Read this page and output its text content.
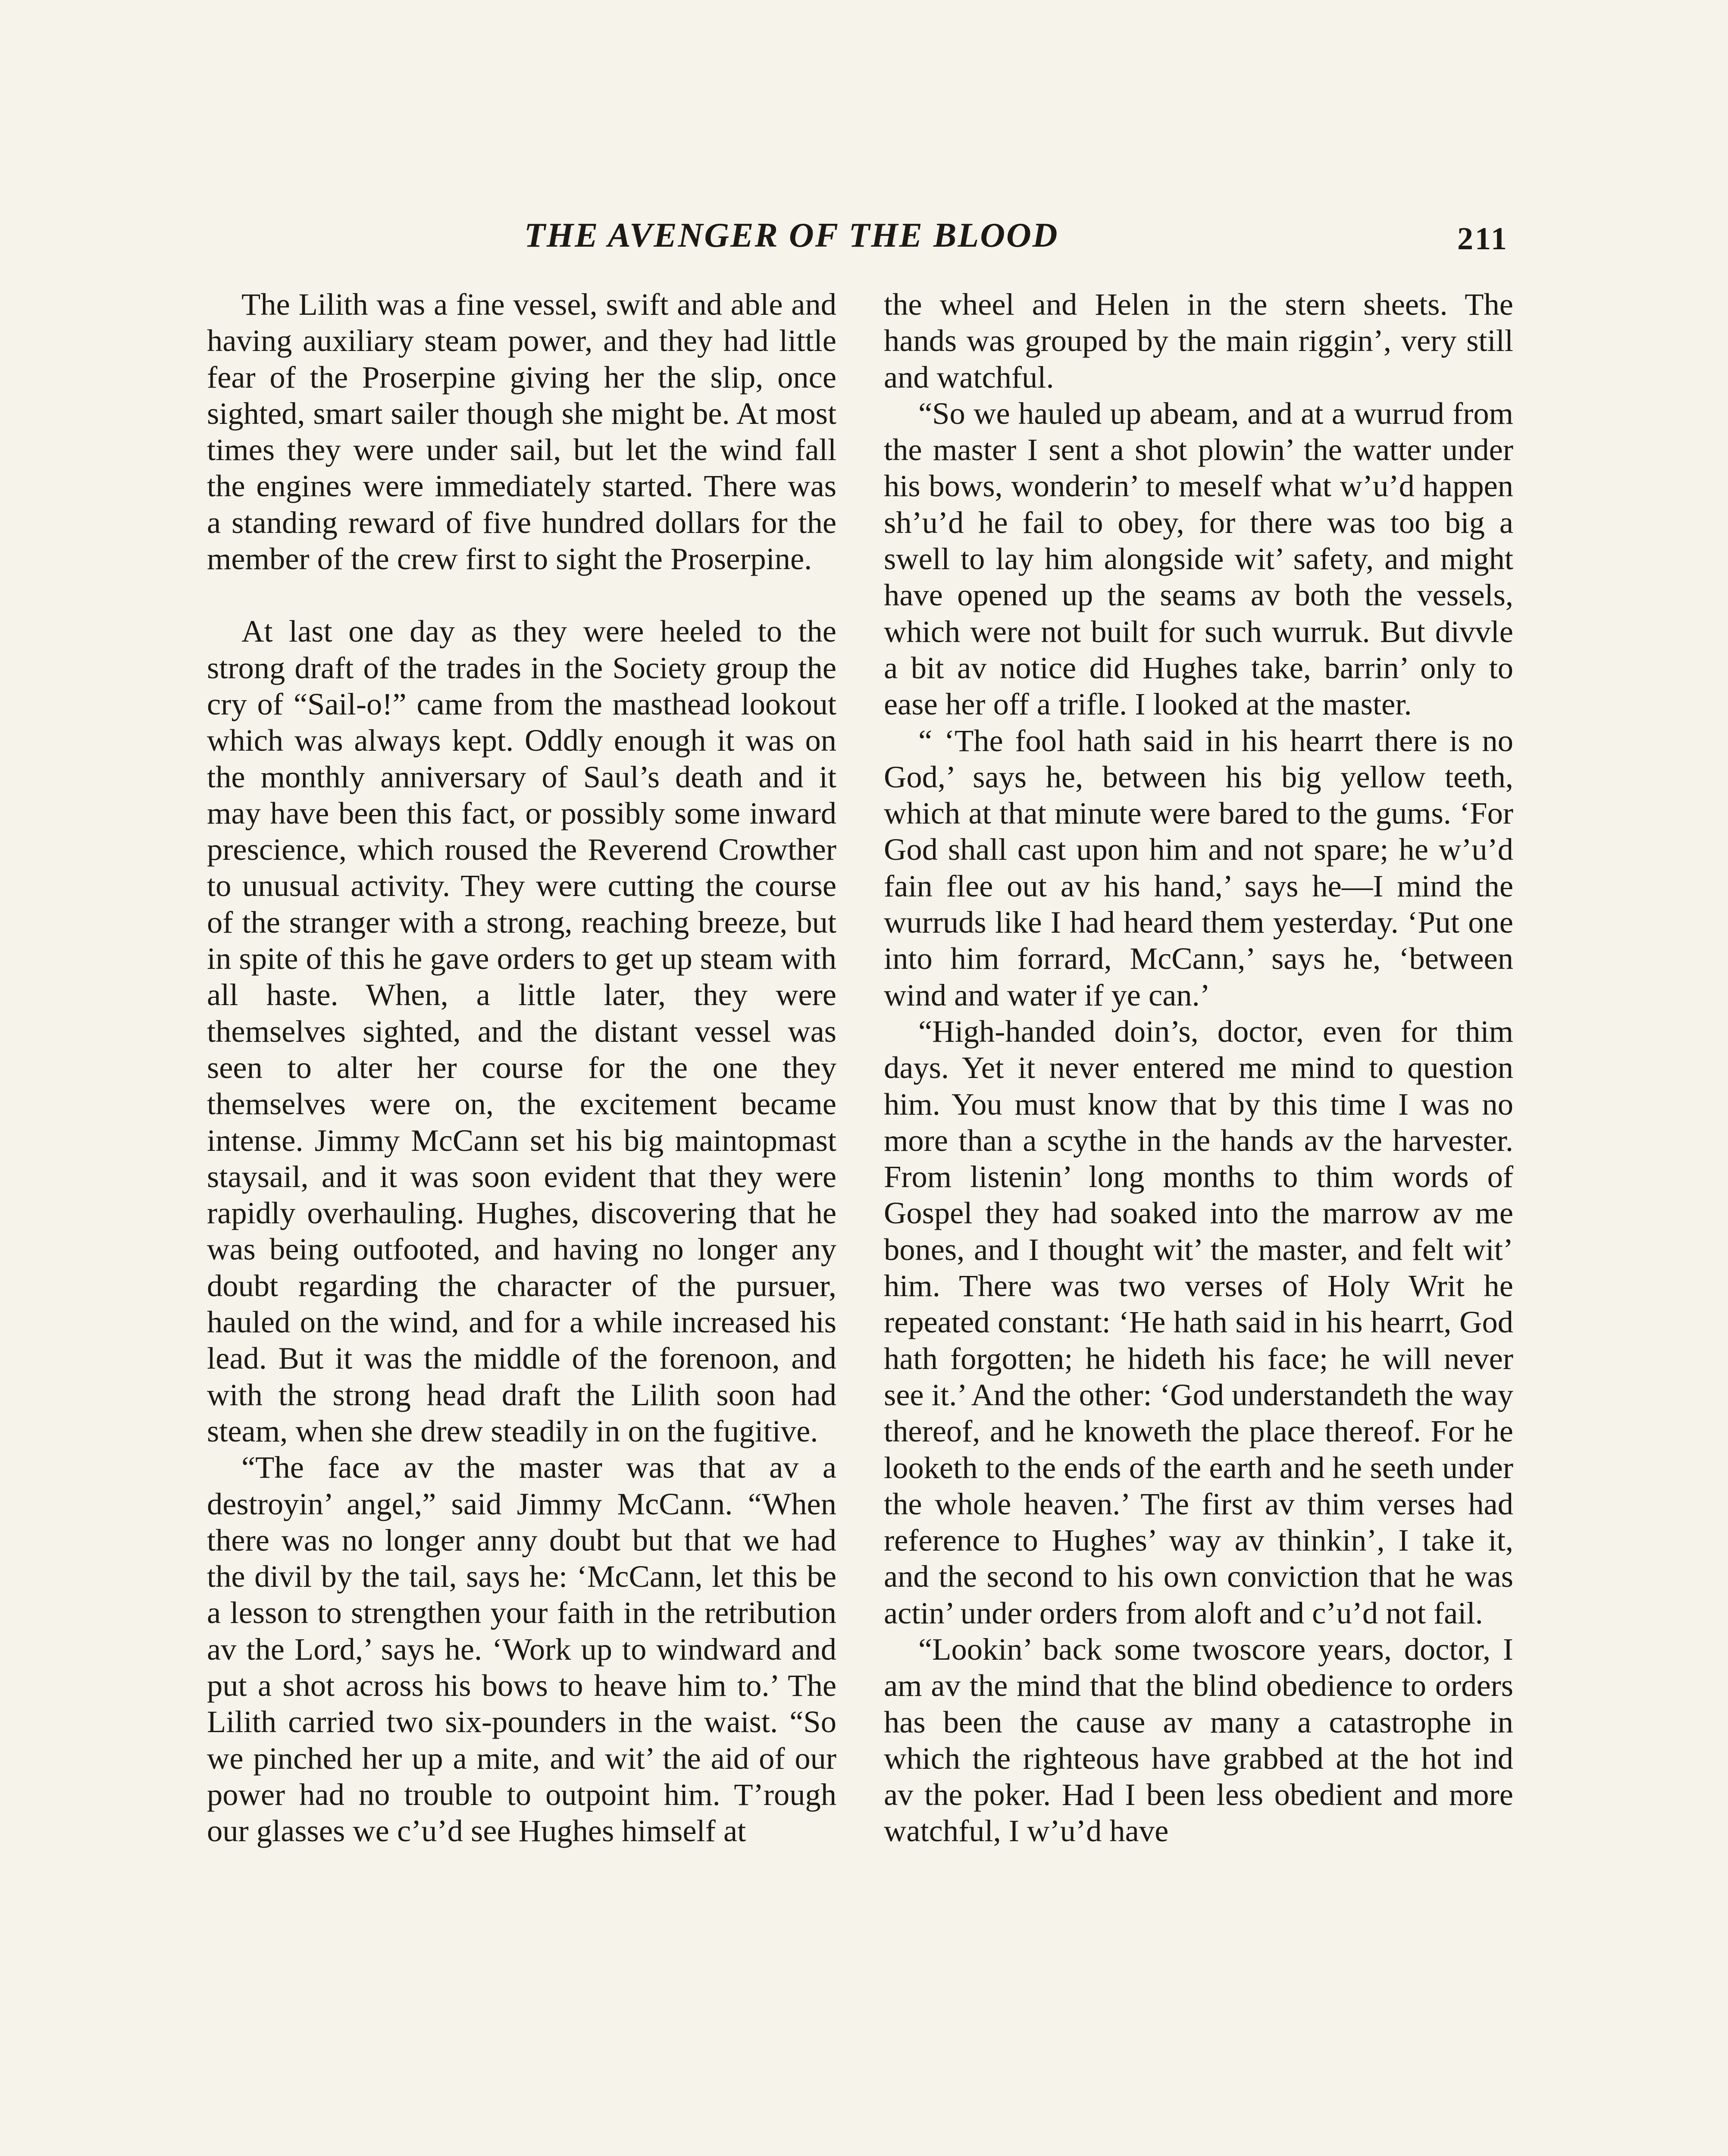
THE AVENGER OF THE BLOOD	211

The Lilith was a fine vessel, swift and able and having auxiliary steam power, and they had little fear of the Proserpine giving her the slip, once sighted, smart sailer though she might be. At most times they were under sail, but let the wind fall the engines were immediately started. There was a standing reward of five hundred dollars for the member of the crew first to sight the Proserpine.

At last one day as they were heeled to the strong draft of the trades in the Society group the cry of “Sail-o!” came from the masthead lookout which was always kept. Oddly enough it was on the monthly anniversary of Saul’s death and it may have been this fact, or possibly some inward prescience, which roused the Reverend Crowther to unusual activity. They were cutting the course of the stranger with a strong, reaching breeze, but in spite of this he gave orders to get up steam with all haste. When, a little later, they were themselves sighted, and the distant vessel was seen to alter her course for the one they themselves were on, the excitement became intense. Jimmy McCann set his big maintopmast staysail, and it was soon evident that they were rapidly overhauling. Hughes, discovering that he was being outfooted, and having no longer any doubt regarding the character of the pursuer, hauled on the wind, and for a while increased his lead. But it was the middle of the forenoon, and with the strong head draft the Lilith soon had steam, when she drew steadily in on the fugitive.

“The face av the master was that av a destroyin’ angel,” said Jimmy McCann. “When there was no longer anny doubt but that we had the divil by the tail, says he: ‘McCann, let this be a lesson to strengthen your faith in the retribution av the Lord,’ says he. ‘Work up to windward and put a shot across his bows to heave him to.’ The Lilith carried two six-pounders in the waist. “So we pinched her up a mite, and wit’ the aid of our power had no trouble to outpoint him. T’rough our glasses we c’u’d see Hughes himself at

the wheel and Helen in the stern sheets. The hands was grouped by the main riggin’, very still and watchful.

“So we hauled up abeam, and at a wurrud from the master I sent a shot plowin’ the watter under his bows, wonderin’ to meself what w’u’d happen sh’u’d he fail to obey, for there was too big a swell to lay him alongside wit’ safety, and might have opened up the seams av both the vessels, which were not built for such wurruk. But divvle a bit av notice did Hughes take, barrin’ only to ease her off a trifle. I looked at the master.

“ ‘The fool hath said in his hearrt there is no God,’ says he, between his big yellow teeth, which at that minute were bared to the gums. ‘For God shall cast upon him and not spare; he w’u’d fain flee out av his hand,’ says he—I mind the wurruds like I had heard them yesterday. ‘Put one into him forrard, McCann,’ says he, ‘between wind and water if ye can.’

“High-handed doin’s, doctor, even for thim days. Yet it never entered me mind to question him. You must know that by this time I was no more than a scythe in the hands av the harvester. From listenin’ long months to thim words of Gospel they had soaked into the marrow av me bones, and I thought wit’ the master, and felt wit’ him. There was two verses of Holy Writ he repeated constant: ‘He hath said in his hearrt, God hath forgotten; he hideth his face; he will never see it.’ And the other: ‘God understandeth the way thereof, and he knoweth the place thereof. For he looketh to the ends of the earth and he seeth under the whole heaven.’ The first av thim verses had reference to Hughes’ way av thinkin’, I take it, and the second to his own conviction that he was actin’ under orders from aloft and c’u’d not fail.

“Lookin’ back some twoscore years, doctor, I am av the mind that the blind obedience to orders has been the cause av many a catastrophe in which the righteous have grabbed at the hot ind av the poker. Had I been less obedient and more watchful, I w’u’d have
